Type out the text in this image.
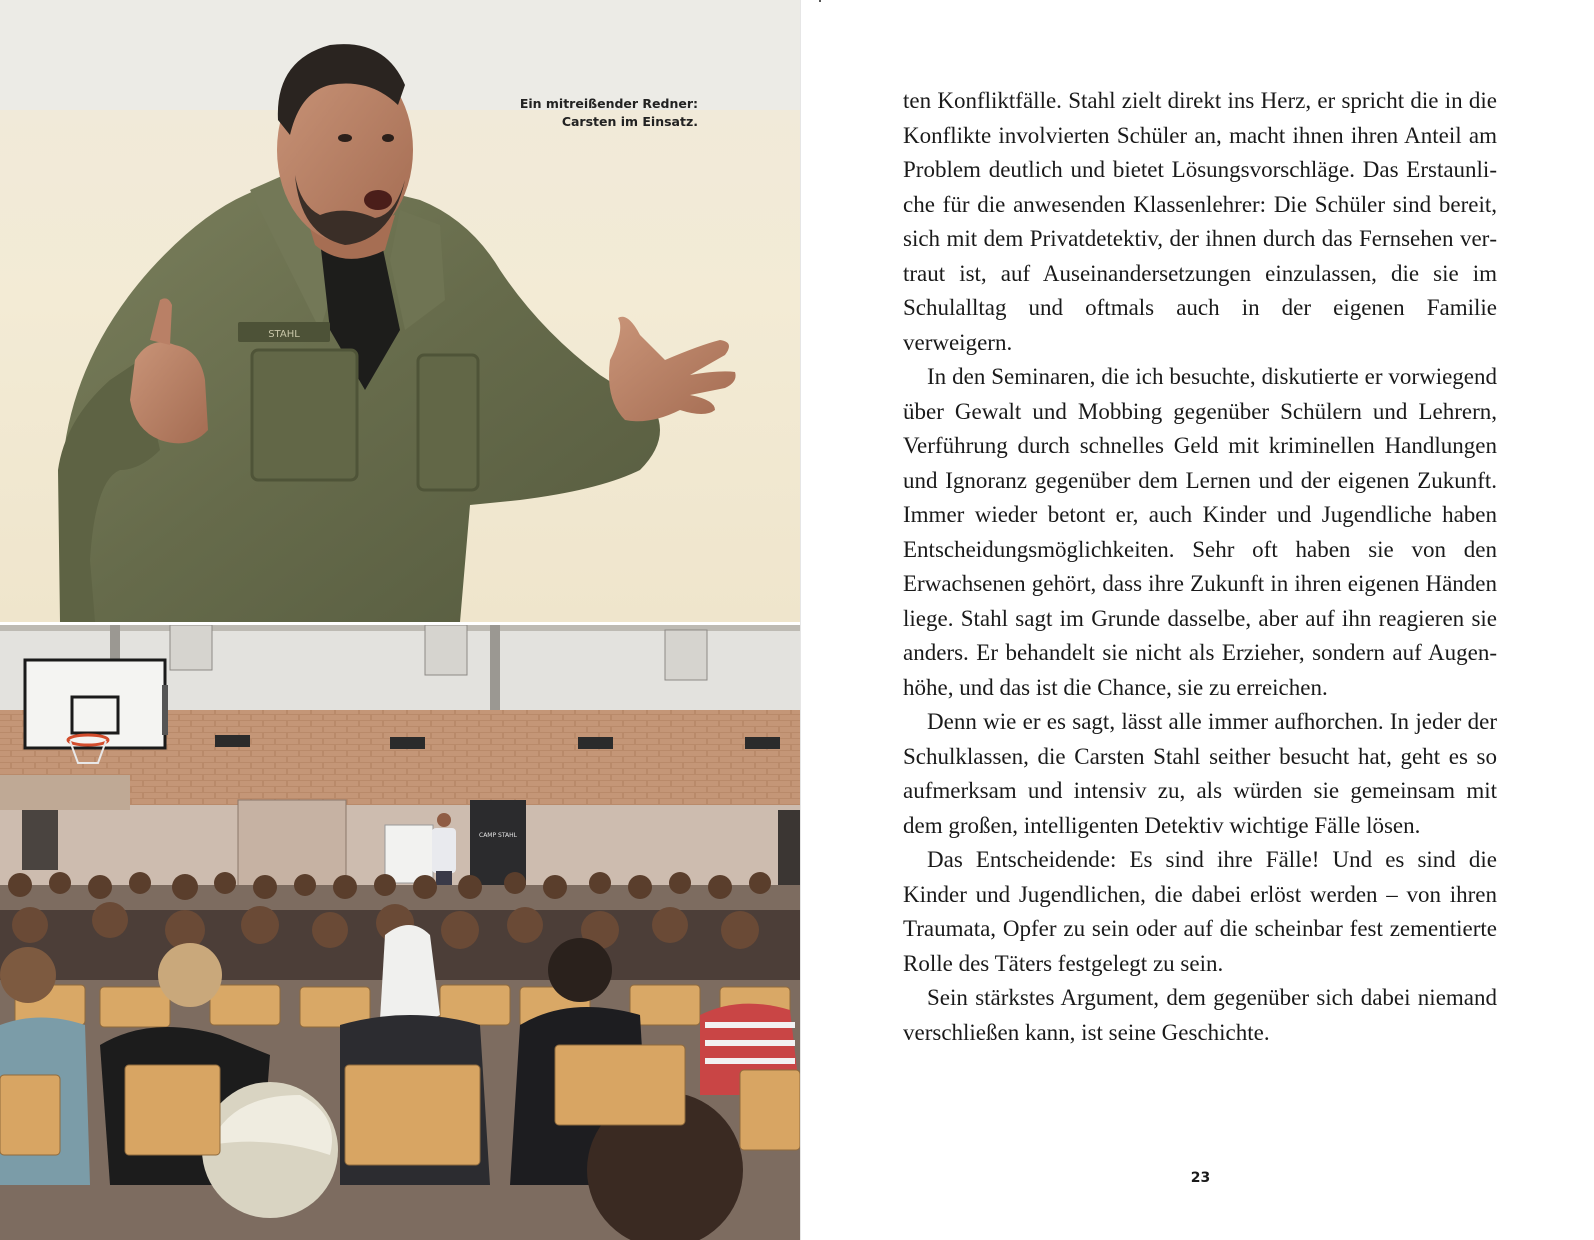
STAHL
Ein mitreißender Redner:
Carsten im Einsatz.
CAMP STAHL

ten Konfliktfälle. Stahl zielt direkt ins Herz, er spricht die in die Konflikte involvierten Schüler an, macht ihnen ihren Anteil am Problem deutlich und bietet Lösungsvorschläge. Das Erstaunliche für die anwesenden Klassenlehrer: Die Schüler sind bereit, sich mit dem Privatdetektiv, der ihnen durch das Fernsehen vertraut ist, auf Auseinandersetzungen einzulassen, die sie im Schulalltag und oftmals auch in der eigenen Familie verweigern.

In den Seminaren, die ich besuchte, diskutierte er vorwiegend über Gewalt und Mobbing gegenüber Schülern und Lehrern, Verführung durch schnelles Geld mit kriminellen Handlungen und Ignoranz gegenüber dem Lernen und der eigenen Zukunft. Immer wieder betont er, auch Kinder und Jugendliche haben Entscheidungsmöglichkeiten. Sehr oft haben sie von den Erwachsenen gehört, dass ihre Zukunft in ihren eigenen Händen liege. Stahl sagt im Grunde dasselbe, aber auf ihn reagieren sie anders. Er behandelt sie nicht als Erzieher, sondern auf Augenhöhe, und das ist die Chance, sie zu erreichen.

Denn wie er es sagt, lässt alle immer aufhorchen. In jeder der Schulklassen, die Carsten Stahl seither besucht hat, geht es so aufmerksam und intensiv zu, als würden sie gemeinsam mit dem großen, intelligenten Detektiv wichtige Fälle lösen.

Das Entscheidende: Es sind ihre Fälle! Und es sind die Kinder und Jugendlichen, die dabei erlöst werden – von ihren Traumata, Opfer zu sein oder auf die scheinbar fest zementierte Rolle des Täters festgelegt zu sein.

Sein stärkstes Argument, dem gegenüber sich dabei niemand verschließen kann, ist seine Geschichte.

23
